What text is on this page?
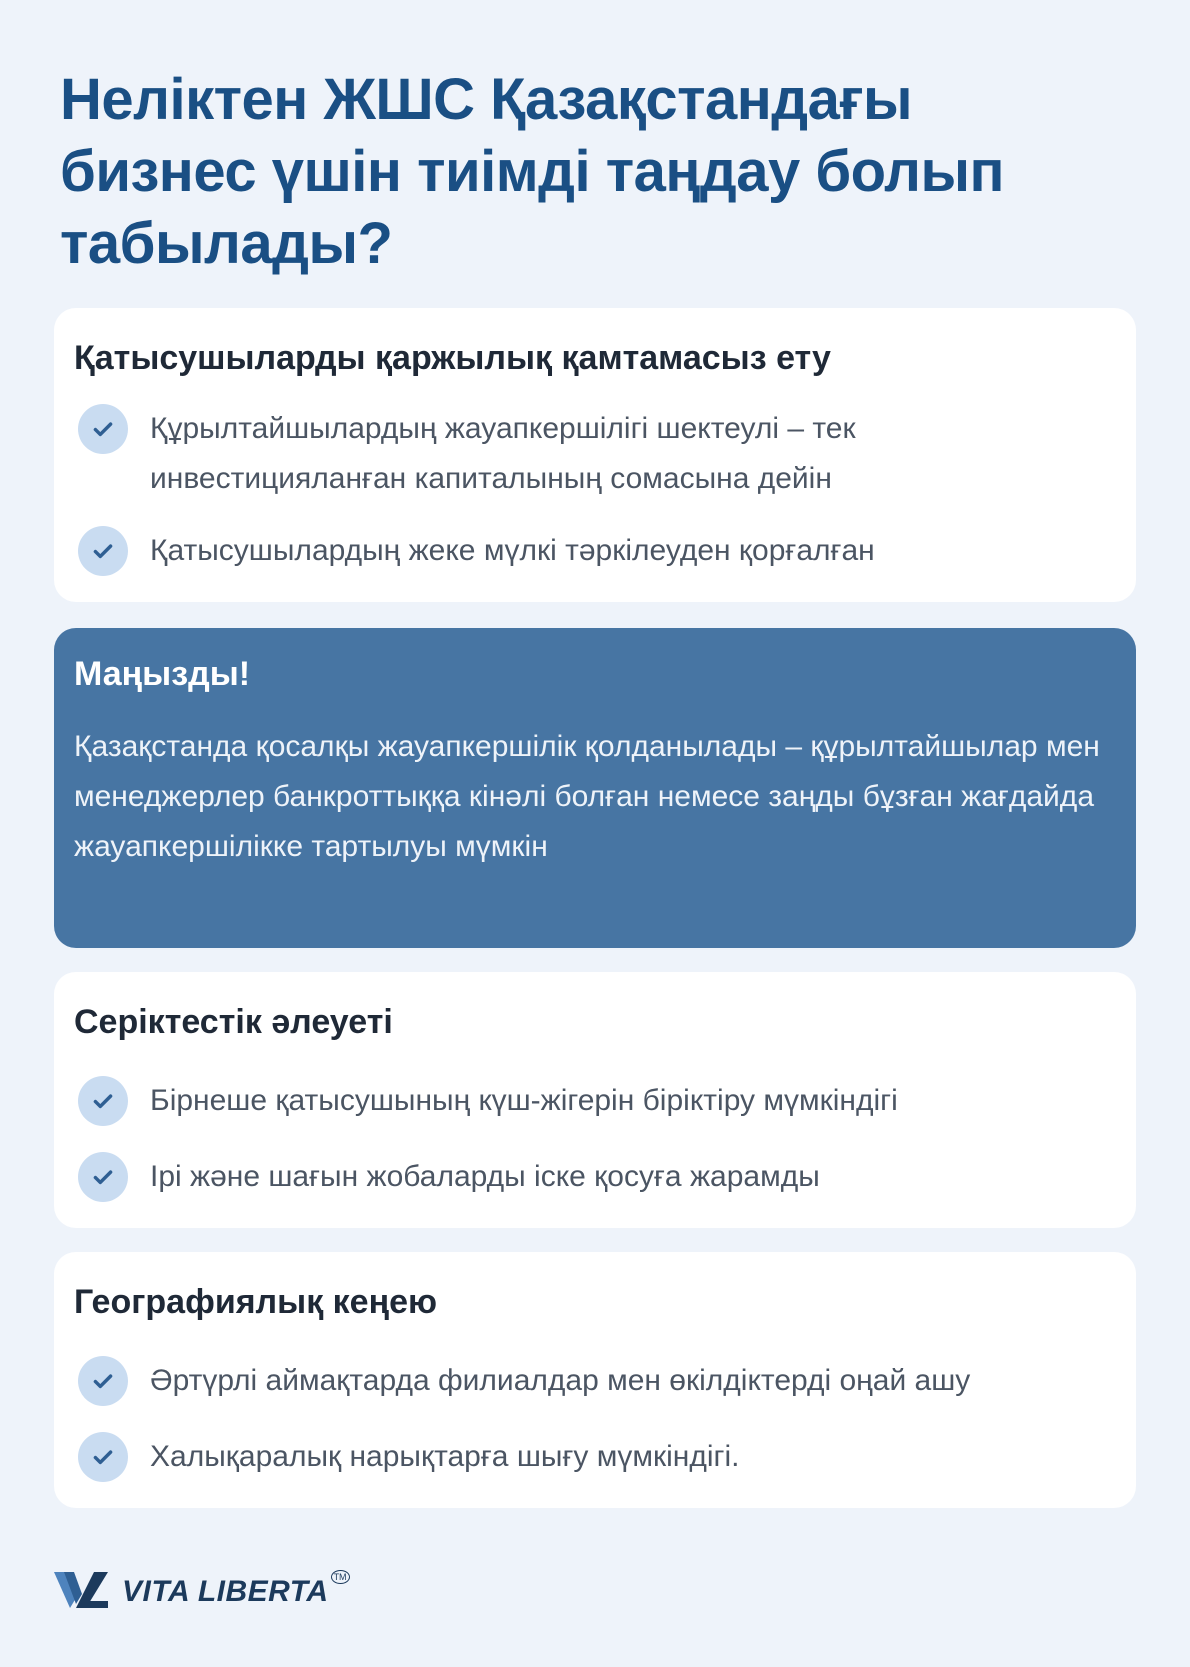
Неліктен ЖШС Қазақстандағы бизнес үшін тиімді таңдау болып табылады?
Қатысушыларды қаржылық қамтамасыз ету
Құрылтайшылардың жауапкершілігі шектеулі – тек инвестицияланған капиталының сомасына дейін
Қатысушылардың жеке мүлкі тәркілеуден қорғалған
Маңызды!
Қазақстанда қосалқы жауапкершілік қолданылады – құрылтайшылар мен менеджерлер банкроттыққа кінәлі болған немесе заңды бұзған жағдайда жауапкершілікке тартылуы мүмкін
Серіктестік әлеуеті
Бірнеше қатысушының күш-жігерін біріктіру мүмкіндігі
Ірі және шағын жобаларды іске қосуға жарамды
Географиялық кеңею
Әртүрлі аймақтарда филиалдар мен өкілдіктерді оңай ашу
Халықаралық нарықтарға шығу мүмкіндігі.
VITA LIBERTA TM
